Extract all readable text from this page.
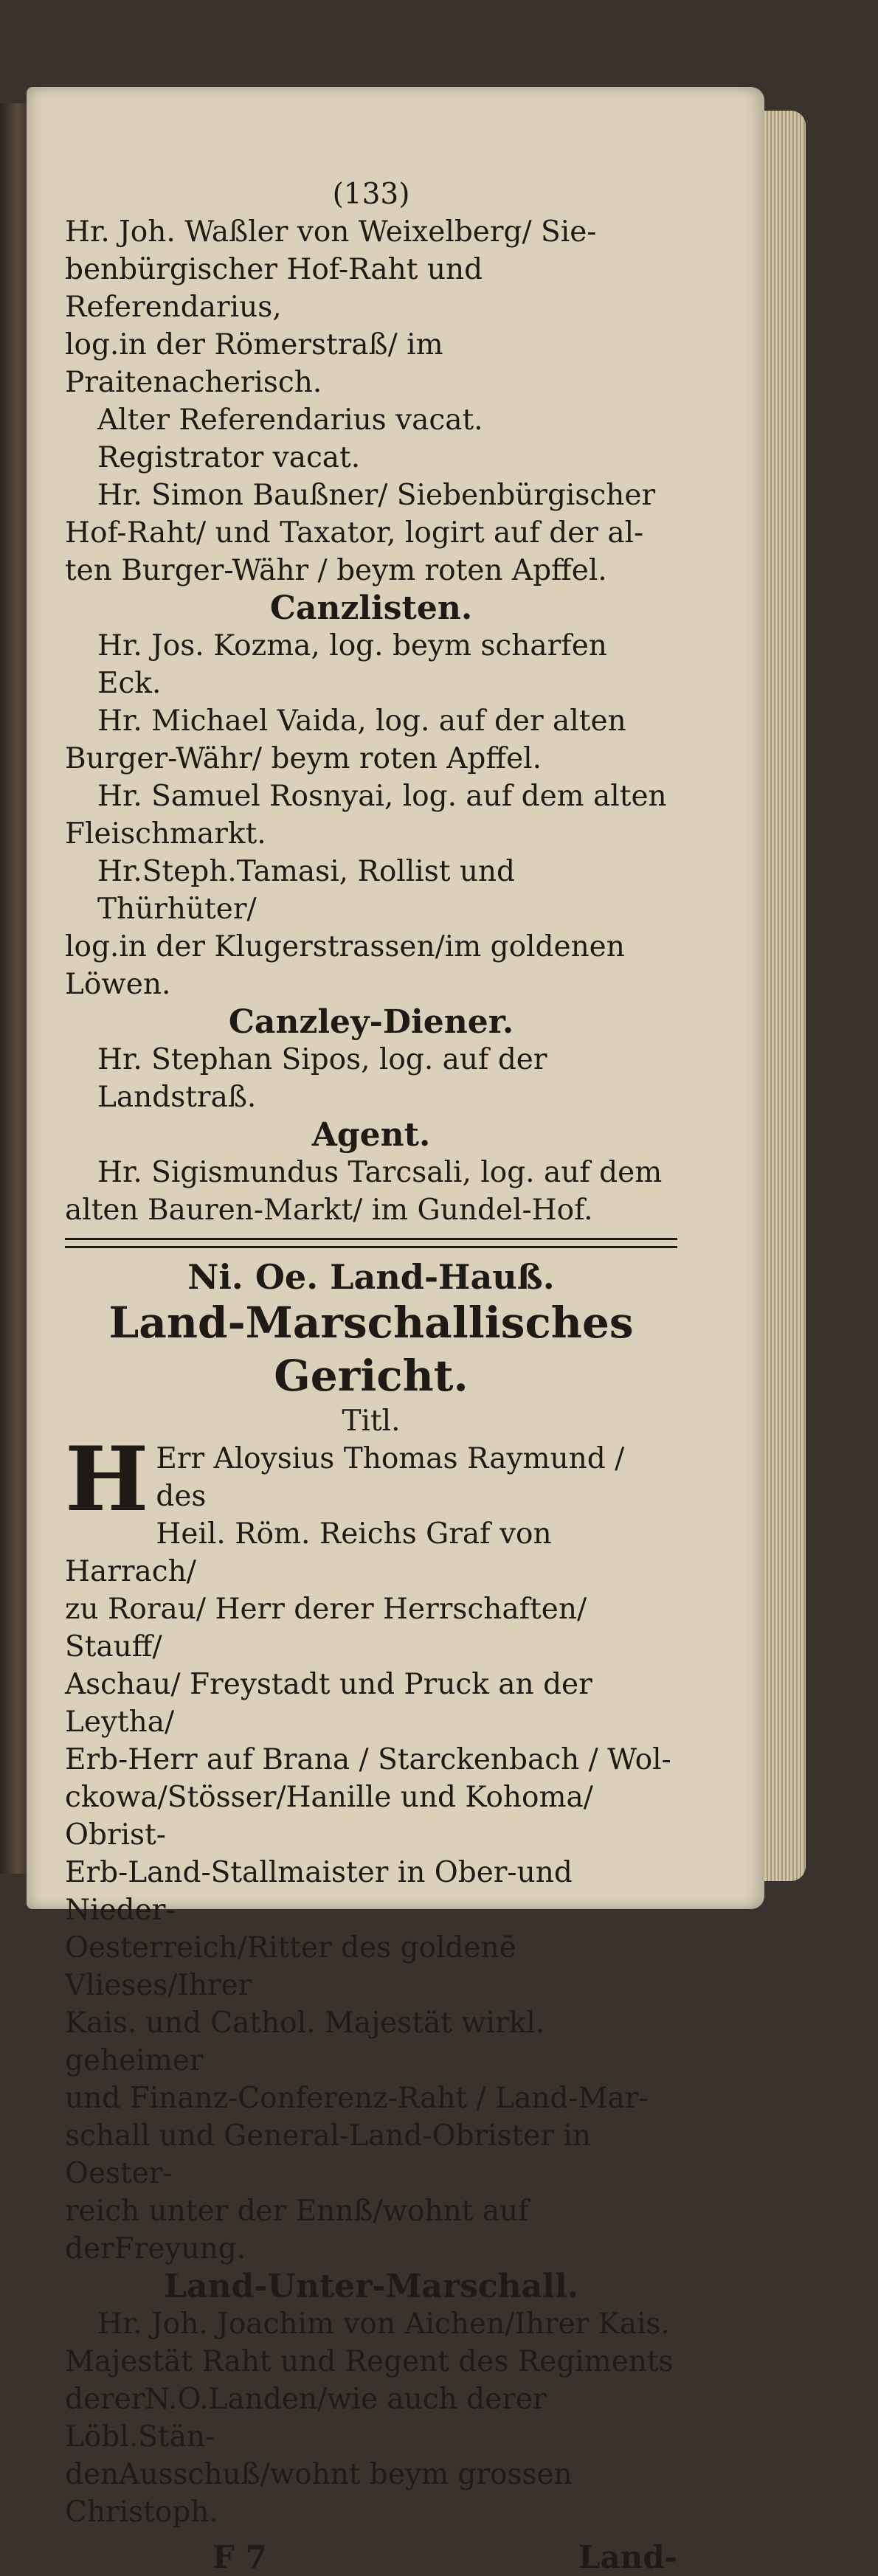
(133)

Hr. Joh. Waßler von Weixelberg/ Sie-

benbürgischer Hof-Raht und Referendarius,

log.in der Römerstraß/ im Praitenacherisch.

Alter Referendarius vacat.

Registrator vacat.

Hr. Simon Baußner/ Siebenbürgischer

Hof-Raht/ und Taxator, logirt auf der al-

ten Burger-Währ / beym roten Apffel.

Canzlisten.

Hr. Jos. Kozma, log. beym scharfen Eck.

Hr. Michael Vaida, log. auf der alten

Burger-Währ/ beym roten Apffel.

Hr. Samuel Rosnyai, log. auf dem alten

Fleischmarkt.

Hr.Steph.Tamasi, Rollist und Thürhüter/

log.in der Klugerstrassen/im goldenen Löwen.

Canzley-Diener.

Hr. Stephan Sipos, log. auf der Landstraß.

Agent.

Hr. Sigismundus Tarcsali, log. auf dem

alten Bauren-Markt/ im Gundel-Hof.

Ni. Oe. Land-Hauß.

Land-Marschallisches Gericht.

Titl.

H Err Aloysius Thomas Raymund / des

Heil. Röm. Reichs Graf von Harrach/

zu Rorau/ Herr derer Herrschaften/ Stauff/

Aschau/ Freystadt und Pruck an der Leytha/

Erb-Herr auf Brana / Starckenbach / Wol-

ckowa/Stösser/Hanille und Kohoma/ Obrist-

Erb-Land-Stallmaister in Ober-und Nieder-

Oesterreich/Ritter des goldenē Vlieses/Ihrer

Kais. und Cathol. Majestät wirkl. geheimer

und Finanz-Conferenz-Raht / Land-Mar-

schall und General-Land-Obrister in Oester-

reich unter der Ennß/wohnt auf derFreyung.

Land-Unter-Marschall.

Hr. Joh. Joachim von Aichen/Ihrer Kais.

Majestät Raht und Regent des Regiments

dererN.O.Landen/wie auch derer Löbl.Stän-

denAusschuß/wohnt beym grossen Christoph.

F 7	Land-
